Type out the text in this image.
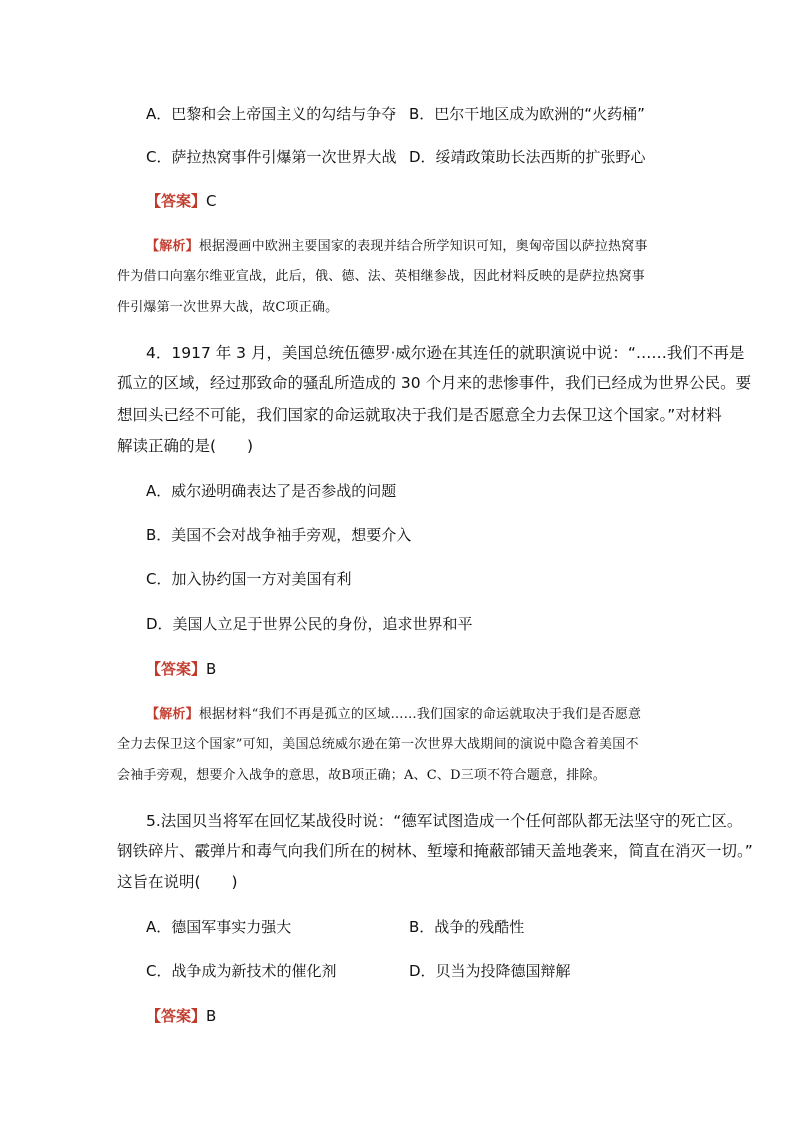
A．巴黎和会上帝国主义的勾结与争夺 B．巴尔干地区成为欧洲的“火药桶”
C．萨拉热窝事件引爆第一次世界大战 D．绥靖政策助长法西斯的扩张野心
【答案】C
【解析】根据漫画中欧洲主要国家的表现并结合所学知识可知，奥匈帝国以萨拉热窝事
件为借口向塞尔维亚宣战，此后，俄、德、法、英相继参战，因此材料反映的是萨拉热窝事
件引爆第一次世界大战，故C项正确。
4．1917 年 3 月，美国总统伍德罗·威尔逊在其连任的就职演说中说：“……我们不再是
孤立的区域，经过那致命的骚乱所造成的 30 个月来的悲惨事件，我们已经成为世界公民。要
想回头已经不可能，我们国家的命运就取决于我们是否愿意全力去保卫这个国家。”对材料
解读正确的是(　　)
A．威尔逊明确表达了是否参战的问题
B．美国不会对战争袖手旁观，想要介入
C．加入协约国一方对美国有利
D．美国人立足于世界公民的身份，追求世界和平
【答案】B
【解析】根据材料“我们不再是孤立的区域……我们国家的命运就取决于我们是否愿意
全力去保卫这个国家”可知，美国总统威尔逊在第一次世界大战期间的演说中隐含着美国不
会袖手旁观，想要介入战争的意思，故B项正确；A、C、D三项不符合题意，排除。
5.法国贝当将军在回忆某战役时说：“德军试图造成一个任何部队都无法坚守的死亡区。
钢铁碎片、霰弹片和毒气向我们所在的树林、堑壕和掩蔽部铺天盖地袭来，简直在消灭一切。”
这旨在说明(　　)
A．德国军事实力强大	B．战争的残酷性
C．战争成为新技术的催化剂	D．贝当为投降德国辩解
【答案】B
